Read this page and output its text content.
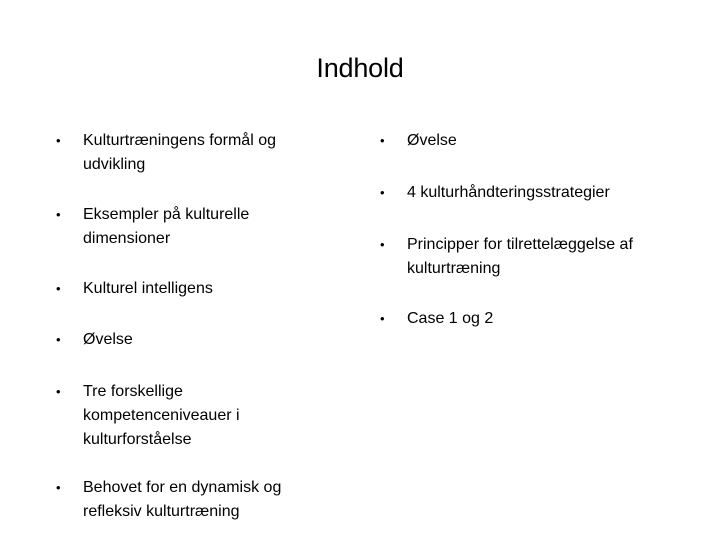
Indhold
• Kulturtræningens formål og udvikling
• Eksempler på kulturelle dimensioner
• Kulturel intelligens
• Øvelse
• Tre forskellige kompetenceniveauer i kulturforståelse
• Behovet for en dynamisk og refleksiv kulturtræning
• Øvelse
• 4 kulturhåndteringsstrategier
• Principper for tilrettelæggelse af kulturtræning
• Case 1 og 2
